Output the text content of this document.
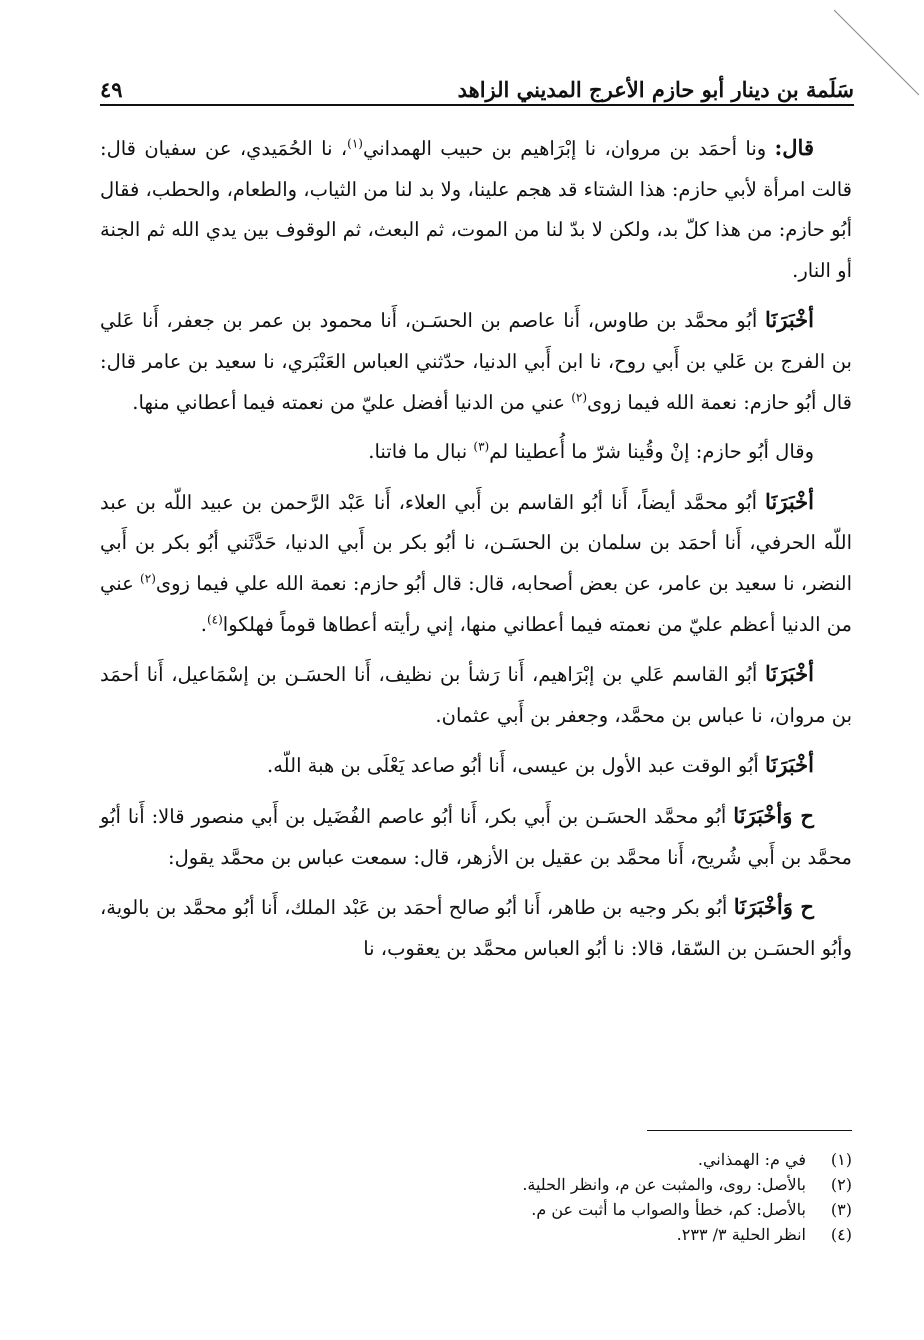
سَلَمة بن دينار أبو حازم الأعرج المديني الزاهد
٤٩

قال: ونا أحمَد بن مروان، نا إبْرَاهيم بن حبيب الهمداني$^{(١)}$، نا الحُمَيدي، عن سفيان قال: قالت امرأة لأبي حازم: هذا الشتاء قد هجم علينا، ولا بد لنا من الثياب، والطعام، والحطب، فقال أبُو حازم: من هذا كلّ بد، ولكن لا بدّ لنا من الموت، ثم البعث، ثم الوقوف بين يدي الله ثم الجنة أو النار.

أخْبَرَنَا أبُو محمَّد بن طاوس، أَنا عاصم بن الحسَـن، أَنا محمود بن عمر بن جعفر، أَنا عَلي بن الفرج بن عَلي بن أَبي روح، نا ابن أَبي الدنيا، حدّثني العباس العَنْبَري، نا سعيد بن عامر قال: قال أبُو حازم: نعمة الله فيما زوى$^{(٢)}$ عني من الدنيا أفضل عليّ من نعمته فيما أعطاني منها.

وقال أبُو حازم: إنْ وقُينا شرّ ما أُعطينا لم$^{(٣)}$ نبال ما فاتنا.

أخْبَرَنَا أبُو محمَّد أيضاً، أَنا أبُو القاسم بن أَبي العلاء، أَنا عَبْد الرَّحمن بن عبيد اللّه بن عبد اللّه الحرفي، أَنا أحمَد بن سلمان بن الحسَـن، نا أبُو بكر بن أَبي الدنيا، حَدَّثَني أبُو بكر بن أَبي النضر، نا سعيد بن عامر، عن بعض أصحابه، قال: قال أبُو حازم: نعمة الله علي فيما زوى$^{(٢)}$ عني من الدنيا أعظم عليّ من نعمته فيما أعطاني منها، إني رأيته أعطاها قوماً فهلكوا$^{(٤)}$.

أخْبَرَنَا أبُو القاسم عَلي بن إبْرَاهيم، أَنا رَشأ بن نظيف، أَنا الحسَـن بن إسْمَاعيل، أَنا أحمَد بن مروان، نا عباس بن محمَّد، وجعفر بن أَبي عثمان.

أخْبَرَنَا أبُو الوقت عبد الأول بن عيسى، أَنا أبُو صاعد يَعْلَى بن هبة اللّه.

ح وَأخْبَرَنَا أبُو محمَّد الحسَـن بن أَبي بكر، أَنا أبُو عاصم الفُضَيل بن أَبي منصور قالا: أَنا أبُو محمَّد بن أَبي شُريح، أَنا محمَّد بن عقيل بن الأزهر، قال: سمعت عباس بن محمَّد يقول:

ح وَأخْبَرَنَا أبُو بكر وجيه بن طاهر، أَنا أبُو صالح أحمَد بن عَبْد الملك، أَنا أبُو محمَّد بن بالوية، وأبُو الحسَـن بن السّقا، قالا: نا أبُو العباس محمَّد بن يعقوب، نا

(١)
في م: الهمذاني.
(٢)
بالأصل: روى، والمثبت عن م، وانظر الحلية.
(٣)
بالأصل: كم، خطأ والصواب ما أثبت عن م.
(٤)
انظر الحلية ٣/ ٢٣٣.
